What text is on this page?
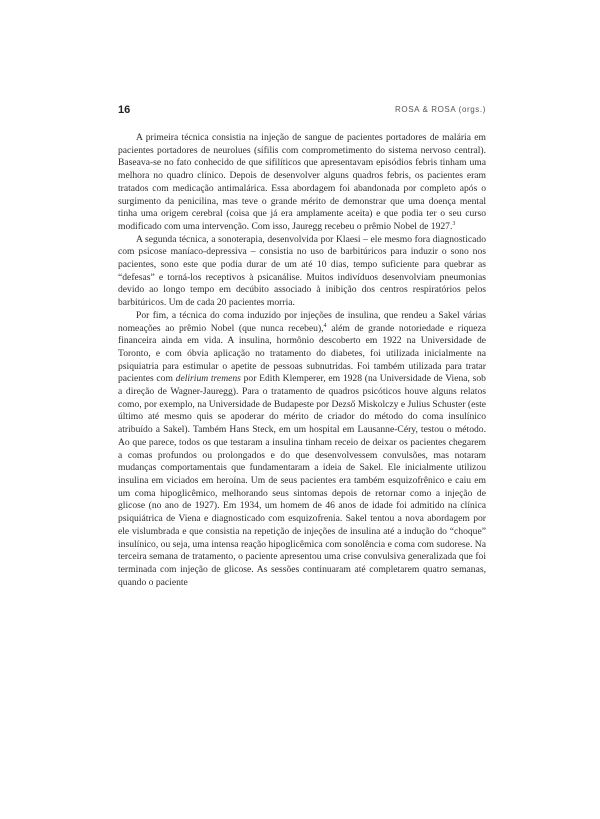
16	ROSA & ROSA (orgs.)

A primeira técnica consistia na injeção de sangue de pacientes portadores de malária em pacientes portadores de neurolues (sífilis com comprometimento do sistema nervoso central). Baseava-se no fato conhecido de que sifilíticos que apresentavam episódios febris tinham uma melhora no quadro clínico. Depois de desenvolver alguns quadros febris, os pacientes eram tratados com medicação antimalárica. Essa abordagem foi abandonada por completo após o surgimento da penicilina, mas teve o grande mérito de demonstrar que uma doença mental tinha uma origem cerebral (coisa que já era amplamente aceita) e que podia ter o seu curso modificado com uma intervenção. Com isso, Jauregg recebeu o prêmio Nobel de 1927.$^3$

A segunda técnica, a sonoterapia, desenvolvida por Klaesi – ele mesmo fora diagnosticado com psicose maníaco-depressiva – consistia no uso de barbitúricos para induzir o sono nos pacientes, sono este que podia durar de um até 10 dias, tempo suficiente para quebrar as “defesas” e torná-los receptivos à psicanálise. Muitos indivíduos desenvolviam pneumonias devido ao longo tempo em decúbito associado à inibição dos centros respiratórios pelos barbitúricos. Um de cada 20 pacientes morria.

Por fim, a técnica do coma induzido por injeções de insulina, que rendeu a Sakel várias nomeações ao prêmio Nobel (que nunca recebeu),$^4$ além de grande notoriedade e riqueza financeira ainda em vida. A insulina, hormônio descoberto em 1922 na Universidade de Toronto, e com óbvia aplicação no tratamento do diabetes, foi utilizada inicialmente na psiquiatria para estimular o apetite de pessoas subnutridas. Foi também utilizada para tratar pacientes com delirium tremens por Edith Klemperer, em 1928 (na Universidade de Viena, sob a direção de Wagner-Jauregg). Para o tratamento de quadros psicóticos houve alguns relatos como, por exemplo, na Universidade de Budapeste por Dezső Miskolczy e Julius Schuster (este último até mesmo quis se apoderar do mérito de criador do método do coma insulínico atribuído a Sakel). Também Hans Steck, em um hospital em Lausanne-Céry, testou o método. Ao que parece, todos os que testaram a insulina tinham receio de deixar os pacientes chegarem a comas profundos ou prolongados e do que desenvolvessem convulsões, mas notaram mudanças comportamentais que fundamentaram a ideia de Sakel. Ele inicialmente utilizou insulina em viciados em heroína. Um de seus pacientes era também esquizofrênico e caiu em um coma hipoglicêmico, melhorando seus sintomas depois de retornar como a injeção de glicose (no ano de 1927). Em 1934, um homem de 46 anos de idade foi admitido na clínica psiquiátrica de Viena e diagnosticado com esquizofrenia. Sakel tentou a nova abordagem por ele vislumbrada e que consistia na repetição de injeções de insulina até a indução do “choque” insulínico, ou seja, uma intensa reação hipoglicêmica com sonolência e coma com sudorese. Na terceira semana de tratamento, o paciente apresentou uma crise convulsiva generalizada que foi terminada com injeção de glicose. As sessões continuaram até completarem quatro semanas, quando o paciente
